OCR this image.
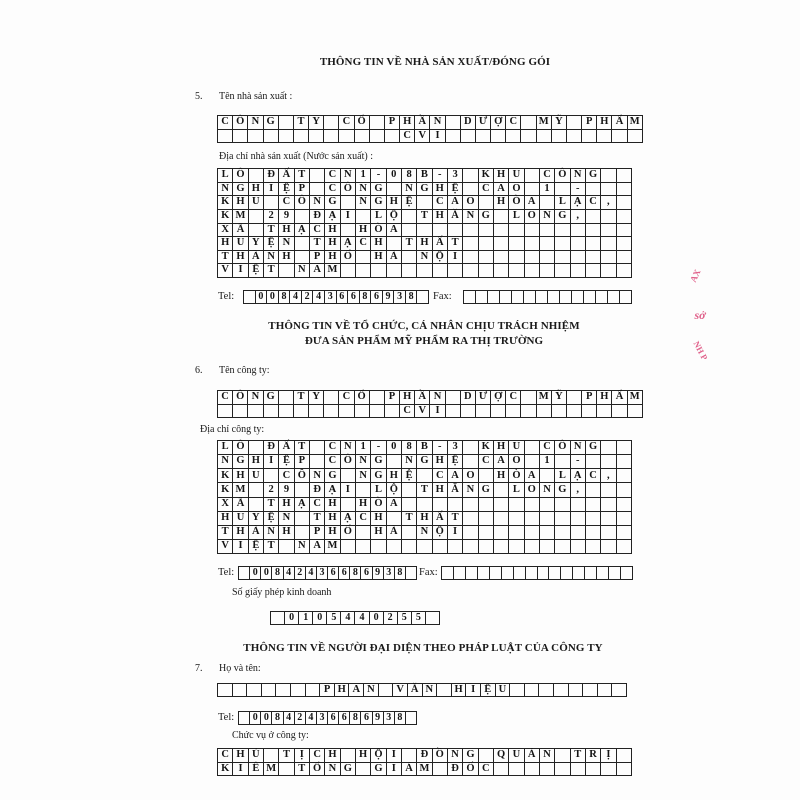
THÔNG TIN VỀ NHÀ SẢN XUẤT/ĐÓNG GÓI
5. Tên nhà sản xuất :
C Ô N G	T Y	C Ổ	P H Ầ N	D Ư Ợ C	M Ỹ	P H Ẩ M
C V I
Địa chỉ nhà sản xuất (Nước sản xuất) :
L Ô	Đ Ấ T	C N 1	-	0 8 B -	3	K H U	C Ô N G
N G H I Ệ P	C Ô N G	N G H Ệ	C A O	1	-
K H U	C Ô N G	N G H Ệ	C A O	H Ò A	L Ạ C ,
K M	2 9	Đ Ạ I	L Ộ	T H Ă N G	L O N G ,
X Ã	T H Ạ C H	H Ò A
H U Y Ệ N	T H Ạ C H	T H Ấ T
T H À N H	P H Ố	H À	N Ộ I
V I Ệ T	N A M
Tel: 0 0 8 4 2 4 3 6 6 8 6 9 3 8	Fax:
THÔNG TIN VỀ TỔ CHỨC, CÁ NHÂN CHỊU TRÁCH NHIỆM
ĐƯA SẢN PHẨM MỸ PHẨM RA THỊ TRƯỜNG
6. Tên công ty:
C Ô N G	T Y	C Ổ	P H Ầ N	D Ư Ợ C	M Ỹ	P H Ẩ M
C V I
Địa chỉ công ty:
L Ô	Đ Ấ T	C N 1	-	0 8 B -	3	K H U	C Ô N G
N G H I Ệ P	C Ô N G	N G H Ệ	C A O	1	-
K H U	C Ô N G	N G H Ệ	C A O	H Ò A	L Ạ C ,
K M	2 9	Đ Ạ I	L Ộ	T H Ă N G	L O N G ,
X Ã	T H Ạ C H	H Ò A
H U Y Ệ N	T H Ạ C H	T H Ấ T
T H À N H	P H Ố	H À	N Ộ I
V I Ệ T	N A M
Tel: 0 0 8 4 2 4 3 6 6 8 6 9 3 8	Fax:
Số giấy phép kinh doanh
0 1 0 5 4 4 0 2 5 5
THÔNG TIN VỀ NGƯỜI ĐẠI DIỆN THEO PHÁP LUẬT CỦA CÔNG TY
7. Họ và tên:
P H A N	V Ă N	H I Ệ U
Tel: 0 0 8 4 2 4 3 6 6 8 6 9 3 8
Chức vụ ở công ty:
C H Ủ	T Ị C H	H Ộ I	Đ Ồ N G	Q U Ả N	T R Ị
K I Ê M	T Ổ N G	G I Á M	Đ Ố C
AX
sở
NH P
